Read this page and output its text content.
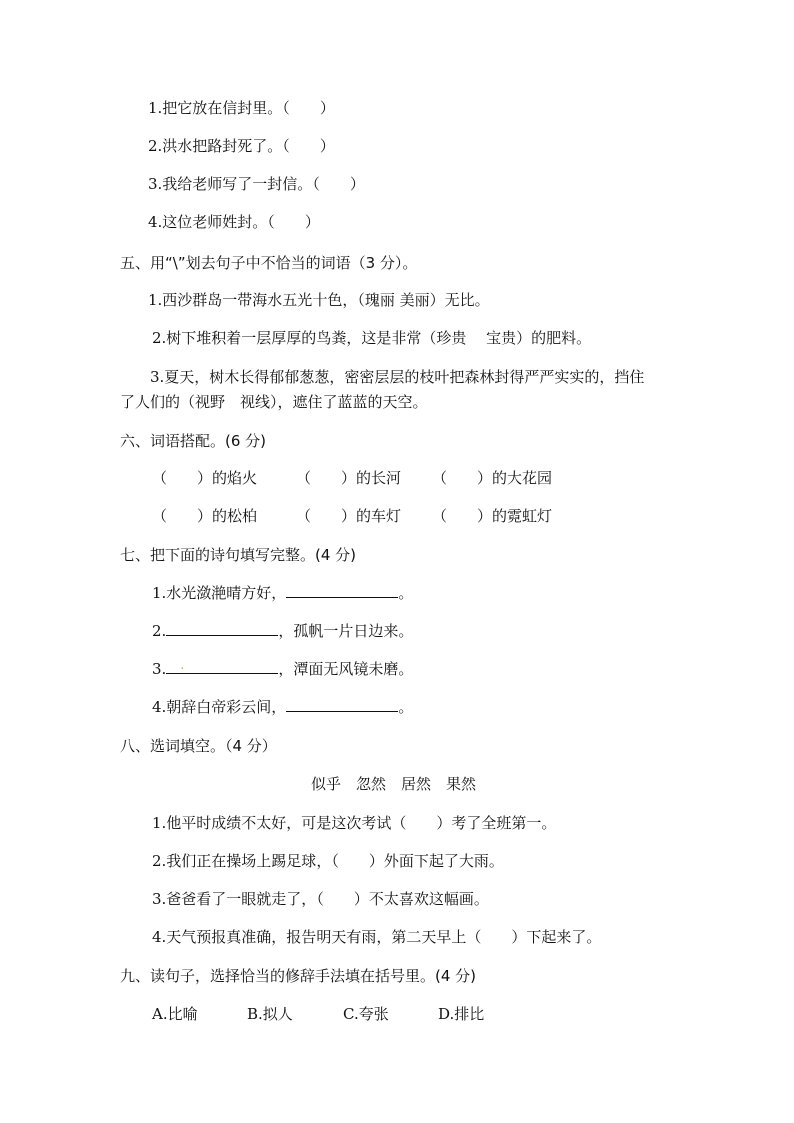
1.把它放在信封里。（　　）
2.洪水把路封死了。（　　）
3.我给老师写了一封信。（　　）
4.这位老师姓封。（　　）
五、用“\”划去句子中不恰当的词语（3 分）。
1.西沙群岛一带海水五光十色，（瑰丽 美丽）无比。
2.树下堆积着一层厚厚的鸟粪，这是非常（珍贵　 宝贵）的肥料。
3.夏天，树木长得郁郁葱葱，密密层层的枝叶把森林封得严严实实的，挡住
了人们的（视野　视线），遮住了蓝蓝的天空。
六、词语搭配。(6 分)
（　　）的焰火	（　　）的长河 （　　）的大花园
（　　）的松柏	（　　）的车灯 （　　）的霓虹灯
七、把下面的诗句填写完整。(4 分)
1.水光潋滟晴方好，	。
2.	，孤帆一片日边来。
3. .	，潭面无风镜未磨。
4.朝辞白帝彩云间，	。
八、选词填空。（4 分）
似乎　忽然　居然　果然
1.他平时成绩不太好，可是这次考试（　　）考了全班第一。
2.我们正在操场上踢足球，（　　）外面下起了大雨。
3.爸爸看了一眼就走了，（　　）不太喜欢这幅画。
4.天气预报真准确，报告明天有雨，第二天早上（　　）下起来了。
九、读句子，选择恰当的修辞手法填在括号里。(4 分)
A.比喻	B.拟人	C.夸张	D.排比
